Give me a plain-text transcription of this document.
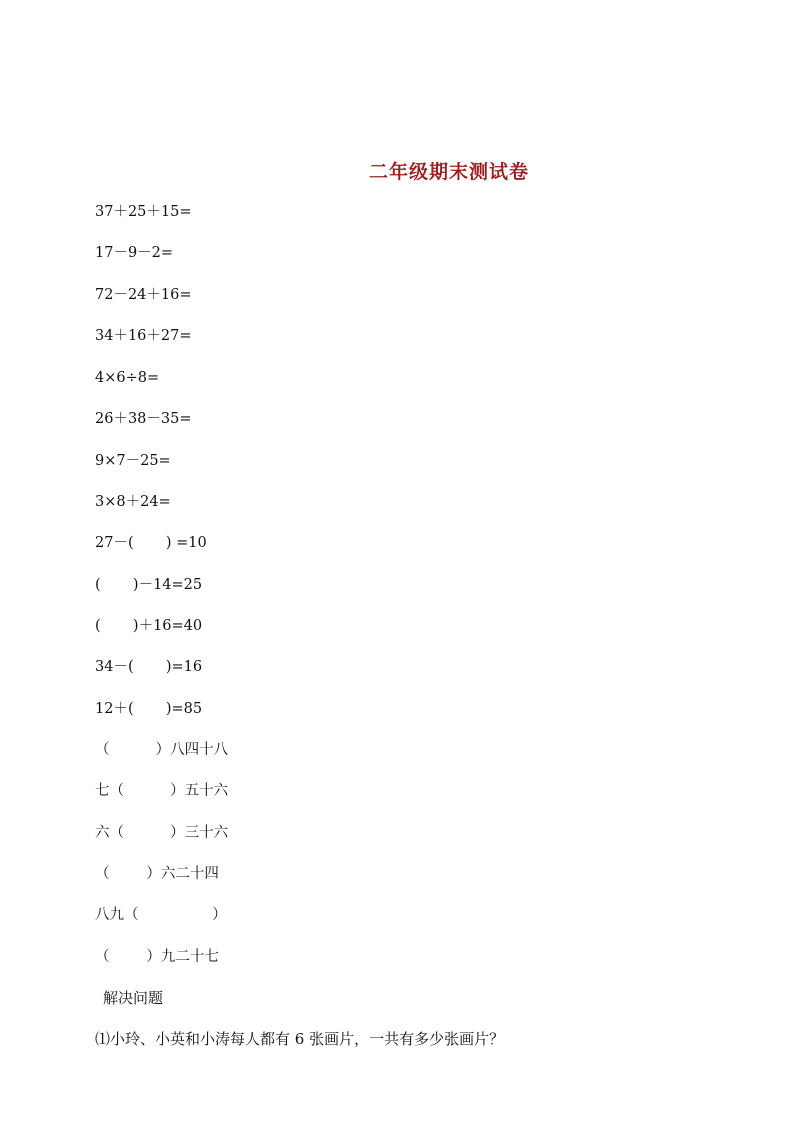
二年级期末测试卷
37＋25＋15=
17－9－2=
72－24＋16=
34＋16＋27=
4×6÷8=
26＋38－35=
9×7－25=
3×8＋24=
27－(       ) =10
(       )－14=25
(       )＋16=40
34－(       )=16
12＋(       )=85
（          ）八四十八
七（          ）五十六
六（          ）三十六
（        ）六二十四
八九（                ）
（        ）九二十七
解决问题
⑴小玲、小英和小涛每人都有 6 张画片，一共有多少张画片？
